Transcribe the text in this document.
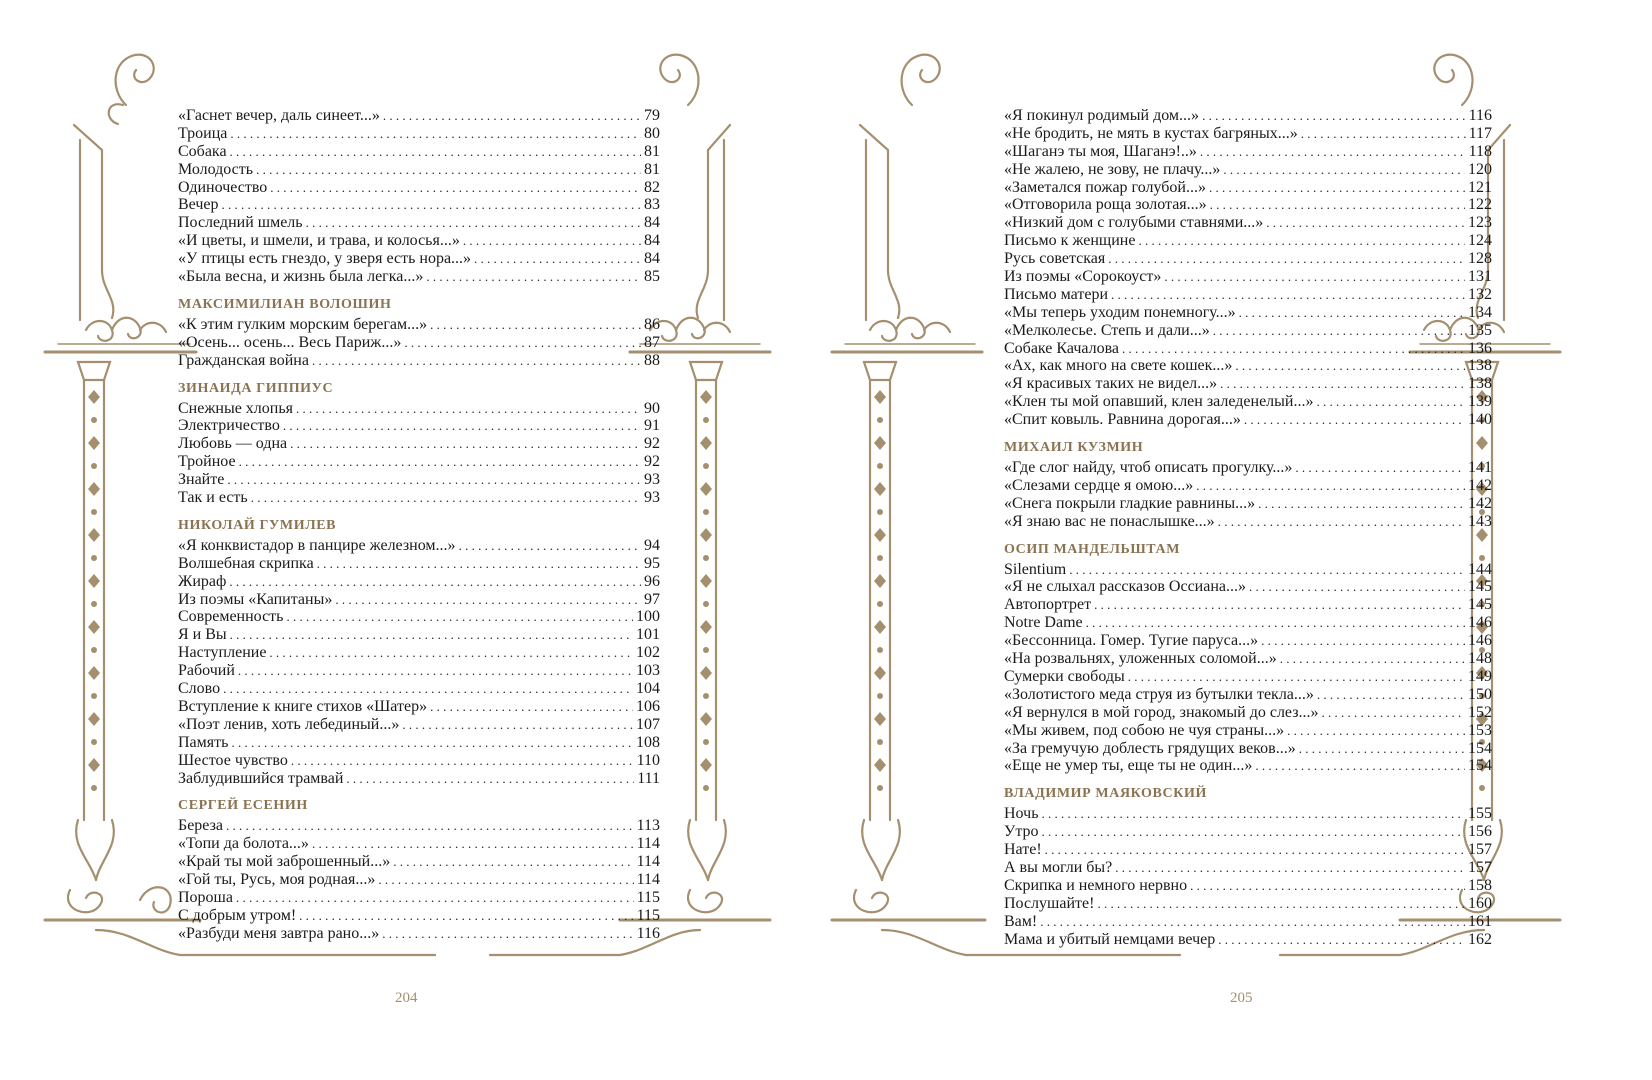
«Гаснет вечер, даль синеет...» . . .	79
Троица . . .	80
Собака . . .	81
Молодость . . .	81
Одиночество . . .	82
Вечер . . .	83
Последний шмель . . .	84
«И цветы, и шмели, и трава, и колосья...» . . .	84
«У птицы есть гнездо, у зверя есть нора...» . . .	84
«Была весна, и жизнь была легка...» . . .	85
МАКСИМИЛИАН ВОЛОШИН
«К этим гулким морским берегам...» . . .	86
«Осень... осень... Весь Париж...» . . .	87
Гражданская война . . .	88
ЗИНАИДА ГИППИУС
Снежные хлопья . . .	90
Электричество . . .	91
Любовь — одна . . .	92
Тройное . . .	92
Знайте . . .	93
Так и есть . . .	93
НИКОЛАЙ ГУМИЛЕВ
«Я конквистадор в панцире железном...» . . .	94
Волшебная скрипка . . .	95
Жираф . . .	96
Из поэмы «Капитаны» . . .	97
Современность . . .	100
Я и Вы . . .	101
Наступление . . .	102
Рабочий . . .	103
Слово . . .	104
Вступление к книге стихов «Шатер» . . .	106
«Поэт ленив, хоть лебединый...» . . .	107
Память . . .	108
Шестое чувство . . .	110
Заблудившийся трамвай . . .	111
СЕРГЕЙ ЕСЕНИН
Береза . . .	113
«Топи да болота...» . . .	114
«Край ты мой заброшенный...» . . .	114
«Гой ты, Русь, моя родная...» . . .	114
Пороша . . .	115
С добрым утром! . . .	115
«Разбуди меня завтра рано...» . . .	116
204
«Я покинул родимый дом...» . . .	116
«Не бродить, не мять в кустах багряных...» . . .	117
«Шаганэ ты моя, Шаганэ!..» . . .	118
«Не жалею, не зову, не плачу...» . . .	120
«Заметался пожар голубой...» . . .	121
«Отговорила роща золотая...» . . .	122
«Низкий дом с голубыми ставнями...» . . .	123
Письмо к женщине . . .	124
Русь советская . . .	128
Из поэмы «Сорокоуст» . . .	131
Письмо матери . . .	132
«Мы теперь уходим понемногу...» . . .	134
«Мелколесье. Степь и дали...» . . .	135
Собаке Качалова . . .	136
«Ах, как много на свете кошек...» . . .	138
«Я красивых таких не видел...» . . .	138
«Клен ты мой опавший, клен заледенелый...» . . .	139
«Спит ковыль. Равнина дорогая...» . . .	140
МИХАИЛ КУЗМИН
«Где слог найду, чтоб описать прогулку...» . . .	141
«Слезами сердце я омою...» . . .	142
«Снега покрыли гладкие равнины...» . . .	142
«Я знаю вас не понаслышке...» . . .	143
ОСИП МАНДЕЛЬШТАМ
Silentium . . .	144
«Я не слыхал рассказов Оссиана...» . . .	145
Автопортрет . . .	145
Notre Dame . . .	146
«Бессонница. Гомер. Тугие паруса...» . . .	146
«На розвальнях, уложенных соломой...» . . .	148
Сумерки свободы . . .	149
«Золотистого меда струя из бутылки текла...» . . .	150
«Я вернулся в мой город, знакомый до слез...» . . .	152
«Мы живем, под собою не чуя страны...» . . .	153
«За гремучую доблесть грядущих веков...» . . .	154
«Еще не умер ты, еще ты не один...» . . .	154
ВЛАДИМИР МАЯКОВСКИЙ
Ночь . . .	155
Утро . . .	156
Нате! . . .	157
А вы могли бы? . . .	157
Скрипка и немного нервно . . .	158
Послушайте! . . .	160
Вам! . . .	161
Мама и убитый немцами вечер . . .	162
205
